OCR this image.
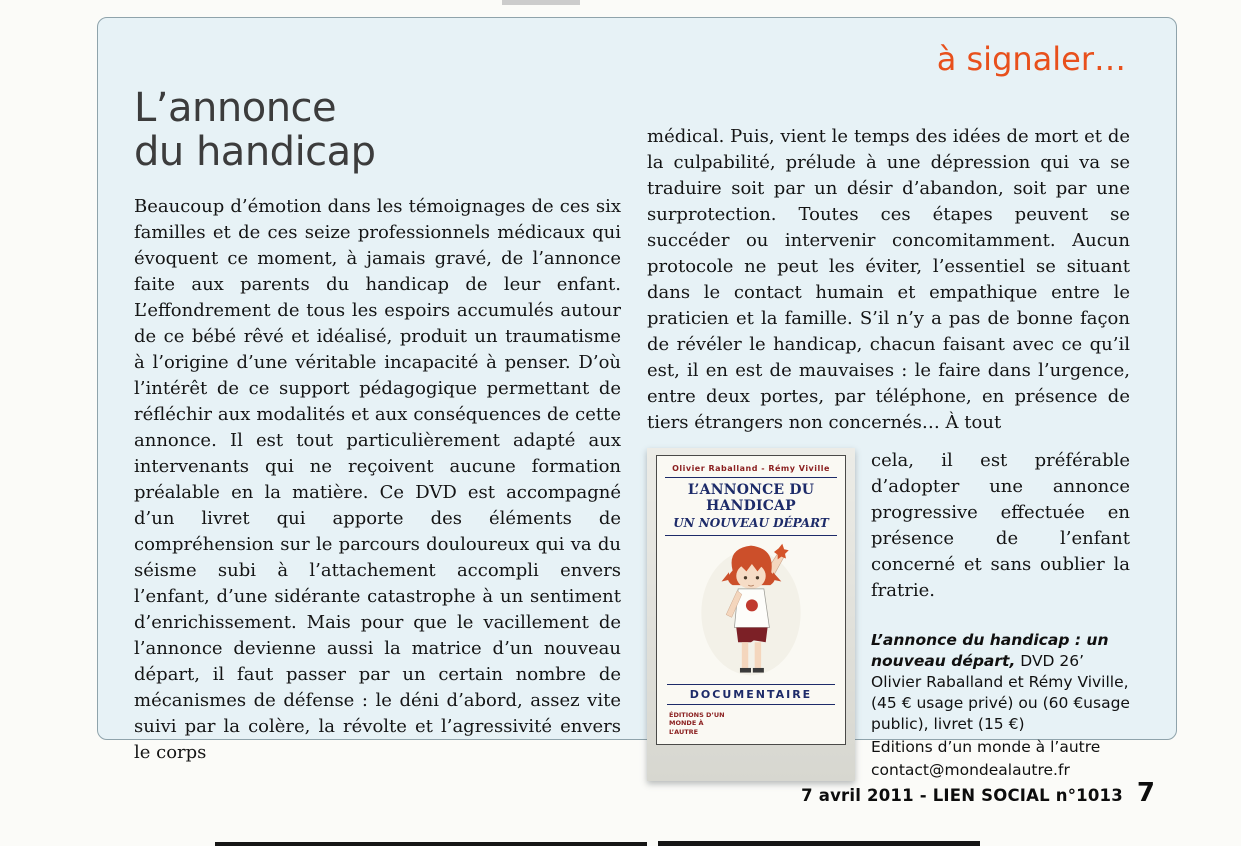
à signaler…
L’annonce
du handicap

Beaucoup d’émotion dans les témoignages de ces six familles et de ces seize professionnels médicaux qui évoquent ce moment, à jamais gravé, de l’annonce faite aux parents du handicap de leur enfant. L’effondrement de tous les espoirs accumulés autour de ce bébé rêvé et idéalisé, produit un traumatisme à l’origine d’une véritable incapacité à penser. D’où l’intérêt de ce support pédagogique permettant de réfléchir aux modalités et aux conséquences de cette annonce. Il est tout particulièrement adapté aux intervenants qui ne reçoivent aucune formation préalable en la matière. Ce DVD est accompagné d’un livret qui apporte des éléments de compréhension sur le parcours douloureux qui va du séisme subi à l’attachement accompli envers l’enfant, d’une sidérante catastrophe à un sentiment d’enrichissement. Mais pour que le vacillement de l’annonce devienne aussi la matrice d’un nouveau départ, il faut passer par un certain nombre de mécanismes de défense : le déni d’abord, assez vite suivi par la colère, la révolte et l’agressivité envers le corps

médical. Puis, vient le temps des idées de mort et de la culpabilité, prélude à une dépression qui va se traduire soit par un désir d’abandon, soit par une surprotection. Toutes ces étapes peuvent se succéder ou intervenir concomitamment. Aucun protocole ne peut les éviter, l’essentiel se situant dans le contact humain et empathique entre le praticien et la famille. S’il n’y a pas de bonne façon de révéler le handicap, chacun faisant avec ce qu’il est, il en est de mauvaises : le faire dans l’urgence, entre deux portes, par téléphone, en présence de tiers étrangers non concernés… À tout

Olivier Raballand - Rémy Viville
L’ANNONCE DU HANDICAP
UN NOUVEAU DÉPART
DOCUMENTAIRE
ÉDITIONS D’UN MONDE À L’AUTRE

cela, il est préférable d’adopter une annonce progressive effectuée en présence de l’enfant concerné et sans oublier la fratrie.

L’annonce du handicap : un nouveau départ, DVD 26’ Olivier Raballand et Rémy Viville, (45 € usage privé) ou (60 €usage public), livret (15 €)

Editions d’un monde à l’autre

contact@mondealautre.fr

7 avril 2011 - LIEN SOCIAL n°1013 7
